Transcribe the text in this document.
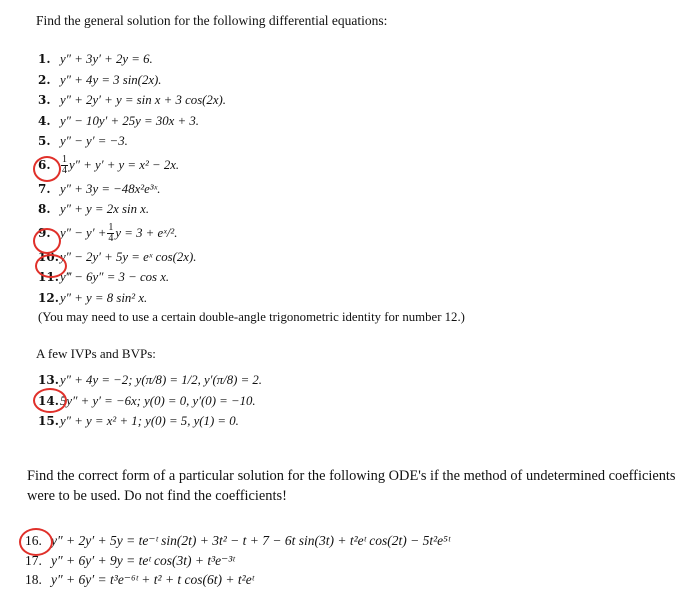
Find the general solution for the following differential equations:
1. y″ + 3y′ + 2y = 6.
2. y″ + 4y = 3 sin(2x).
3. y″ + 2y′ + y = sin x + 3 cos(2x).
4. y″ − 10y′ + 25y = 30x + 3.
5. y″ − y′ = −3.
6. $\frac{1}{4} y'' + y' + y = x^2 - 2x$.
7. y″ + 3y = −48x²e³ˣ.
8. y″ + y = 2x sin x.
9. $y'' - y' + \frac{1}{4}$ y = 3 + eˣ/².
10.y″ − 2y′ + 5y = eˣ cos(2x).
11.y‴ − 6y″ = 3 − cos x.
12.y″ + y = 8 sin² x.
(You may need to use a certain double-angle trigonometric identity for number 12.)
A few IVPs and BVPs:
13.y″ + 4y = −2; y(π/8) = 1/2, y′(π/8) = 2.
14.5y″ + y′ = −6x; y(0) = 0, y′(0) = −10.
15.y″ + y = x² + 1; y(0) = 5, y(1) = 0.
Find the correct form of a particular solution for the following ODE's if the method of undetermined coefficients were to be used. Do not find the coefficients!
16. y″ + 2y′ + 5y = te⁻ᵗ sin(2t) + 3t² − t + 7 − 6t sin(3t) + t²eᵗ cos(2t) − 5t²e⁵ᵗ
17. y″ + 6y′ + 9y = teᵗ cos(3t) + t³e⁻³ᵗ
18. y″ + 6y′ = t³e⁻⁶ᵗ + t² + t cos(6t) + t²eᵗ
